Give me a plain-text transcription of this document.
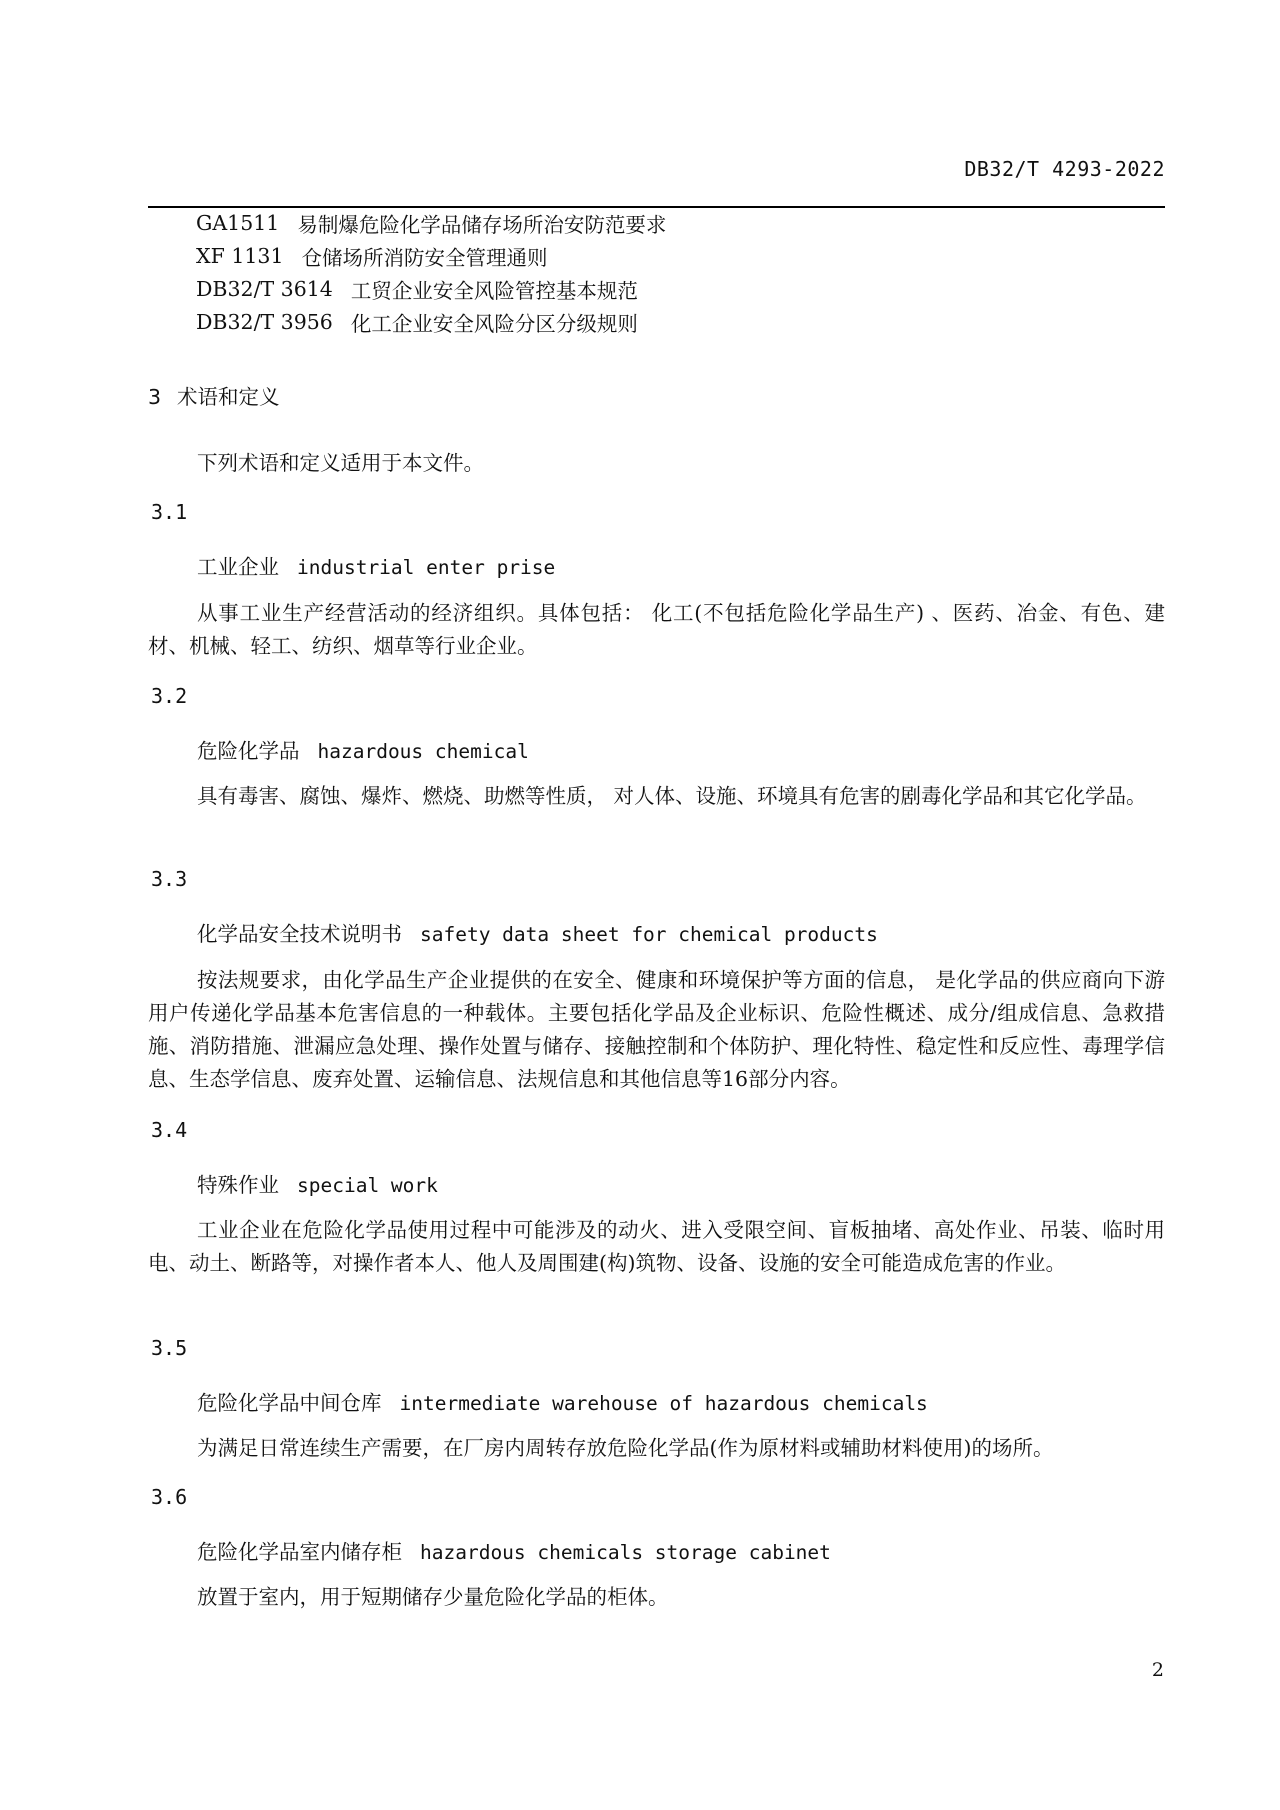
DB32/T 4293-2022
GA1511 易制爆危险化学品储存场所治安防范要求
XF 1131 仓储场所消防安全管理通则
DB32/T 3614 工贸企业安全风险管控基本规范
DB32/T 3956 化工企业安全风险分区分级规则
3 术语和定义
下列术语和定义适用于本文件。
3.1
工业企业 industrial enter prise
从事工业生产经营活动的经济组织。具体包括： 化工(不包括危险化学品生产) 、医药、冶金、有色、建材、机械、轻工、纺织、烟草等行业企业。
3.2
危险化学品 hazardous chemical
具有毒害、腐蚀、爆炸、燃烧、助燃等性质， 对人体、设施、环境具有危害的剧毒化学品和其它化学品。
3.3
化学品安全技术说明书 safety data sheet for chemical products
按法规要求，由化学品生产企业提供的在安全、健康和环境保护等方面的信息， 是化学品的供应商向下游用户传递化学品基本危害信息的一种载体。主要包括化学品及企业标识、危险性概述、成分/组成信息、急救措施、消防措施、泄漏应急处理、操作处置与储存、接触控制和个体防护、理化特性、稳定性和反应性、毒理学信息、生态学信息、废弃处置、运输信息、法规信息和其他信息等16部分内容。
3.4
特殊作业 special work
工业企业在危险化学品使用过程中可能涉及的动火、进入受限空间、盲板抽堵、高处作业、吊装、临时用电、动土、断路等，对操作者本人、他人及周围建(构)筑物、设备、设施的安全可能造成危害的作业。
3.5
危险化学品中间仓库 intermediate warehouse of hazardous chemicals
为满足日常连续生产需要，在厂房内周转存放危险化学品(作为原材料或辅助材料使用)的场所。
3.6
危险化学品室内储存柜 hazardous chemicals storage cabinet
放置于室内，用于短期储存少量危险化学品的柜体。
2
